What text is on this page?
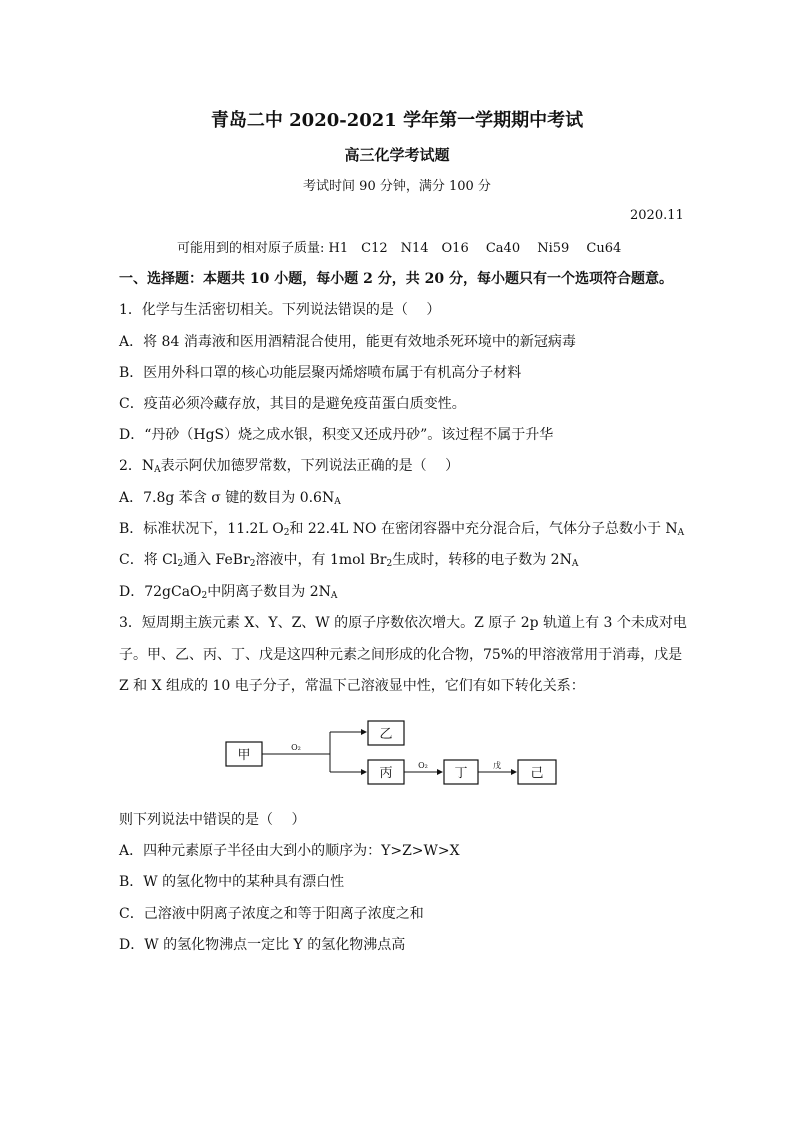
青岛二中 2020-2021 学年第一学期期中考试
高三化学考试题
考试时间 90 分钟，满分 100 分
2020.11
可能用到的相对原子质量: H1　C12　N14　O16　 Ca40　 Ni59　 Cu64
一、选择题：本题共 10 小题，每小题 2 分，共 20 分，每小题只有一个选项符合题意。
1．化学与生活密切相关。下列说法错误的是（　 ）
A．将 84 消毒液和医用酒精混合使用，能更有效地杀死环境中的新冠病毒
B．医用外科口罩的核心功能层聚丙烯熔喷布属于有机高分子材料
C．疫苗必须冷藏存放，其目的是避免疫苗蛋白质变性。
D．“丹砂（HgS）烧之成水银，积变又还成丹砂”。该过程不属于升华
2．$N_A$表示阿伏加德罗常数，下列说法正确的是（　 ）
A．7.8g 苯含 σ 键的数目为 $0.6N_A$
B．标准状况下，11.2L $O_2$和 22.4L NO 在密闭容器中充分混合后，气体分子总数小于 $N_A$
C．将 $Cl_2$通入 FeBr$_2$溶液中，有 1mol $Br_2$生成时，转移的电子数为 $2N_A$
D．72gCaO$_2$中阴离子数目为 $2N_A$
3．短周期主族元素 X、Y、Z、W 的原子序数依次增大。Z 原子 2p 轨道上有 3 个未成对电
子。甲、乙、丙、丁、戊是这四种元素之间形成的化合物，75%的甲溶液常用于消毒，戊是
Z 和 X 组成的 10 电子分子，常温下己溶液显中性，它们有如下转化关系：
甲
O₂
乙
丙
O₂
丁
戊
己
则下列说法中错误的是（　 ）
A．四种元素原子半径由大到小的顺序为：Y>Z>W>X
B．W 的氢化物中的某种具有漂白性
C．己溶液中阴离子浓度之和等于阳离子浓度之和
D．W 的氢化物沸点一定比 Y 的氢化物沸点高
